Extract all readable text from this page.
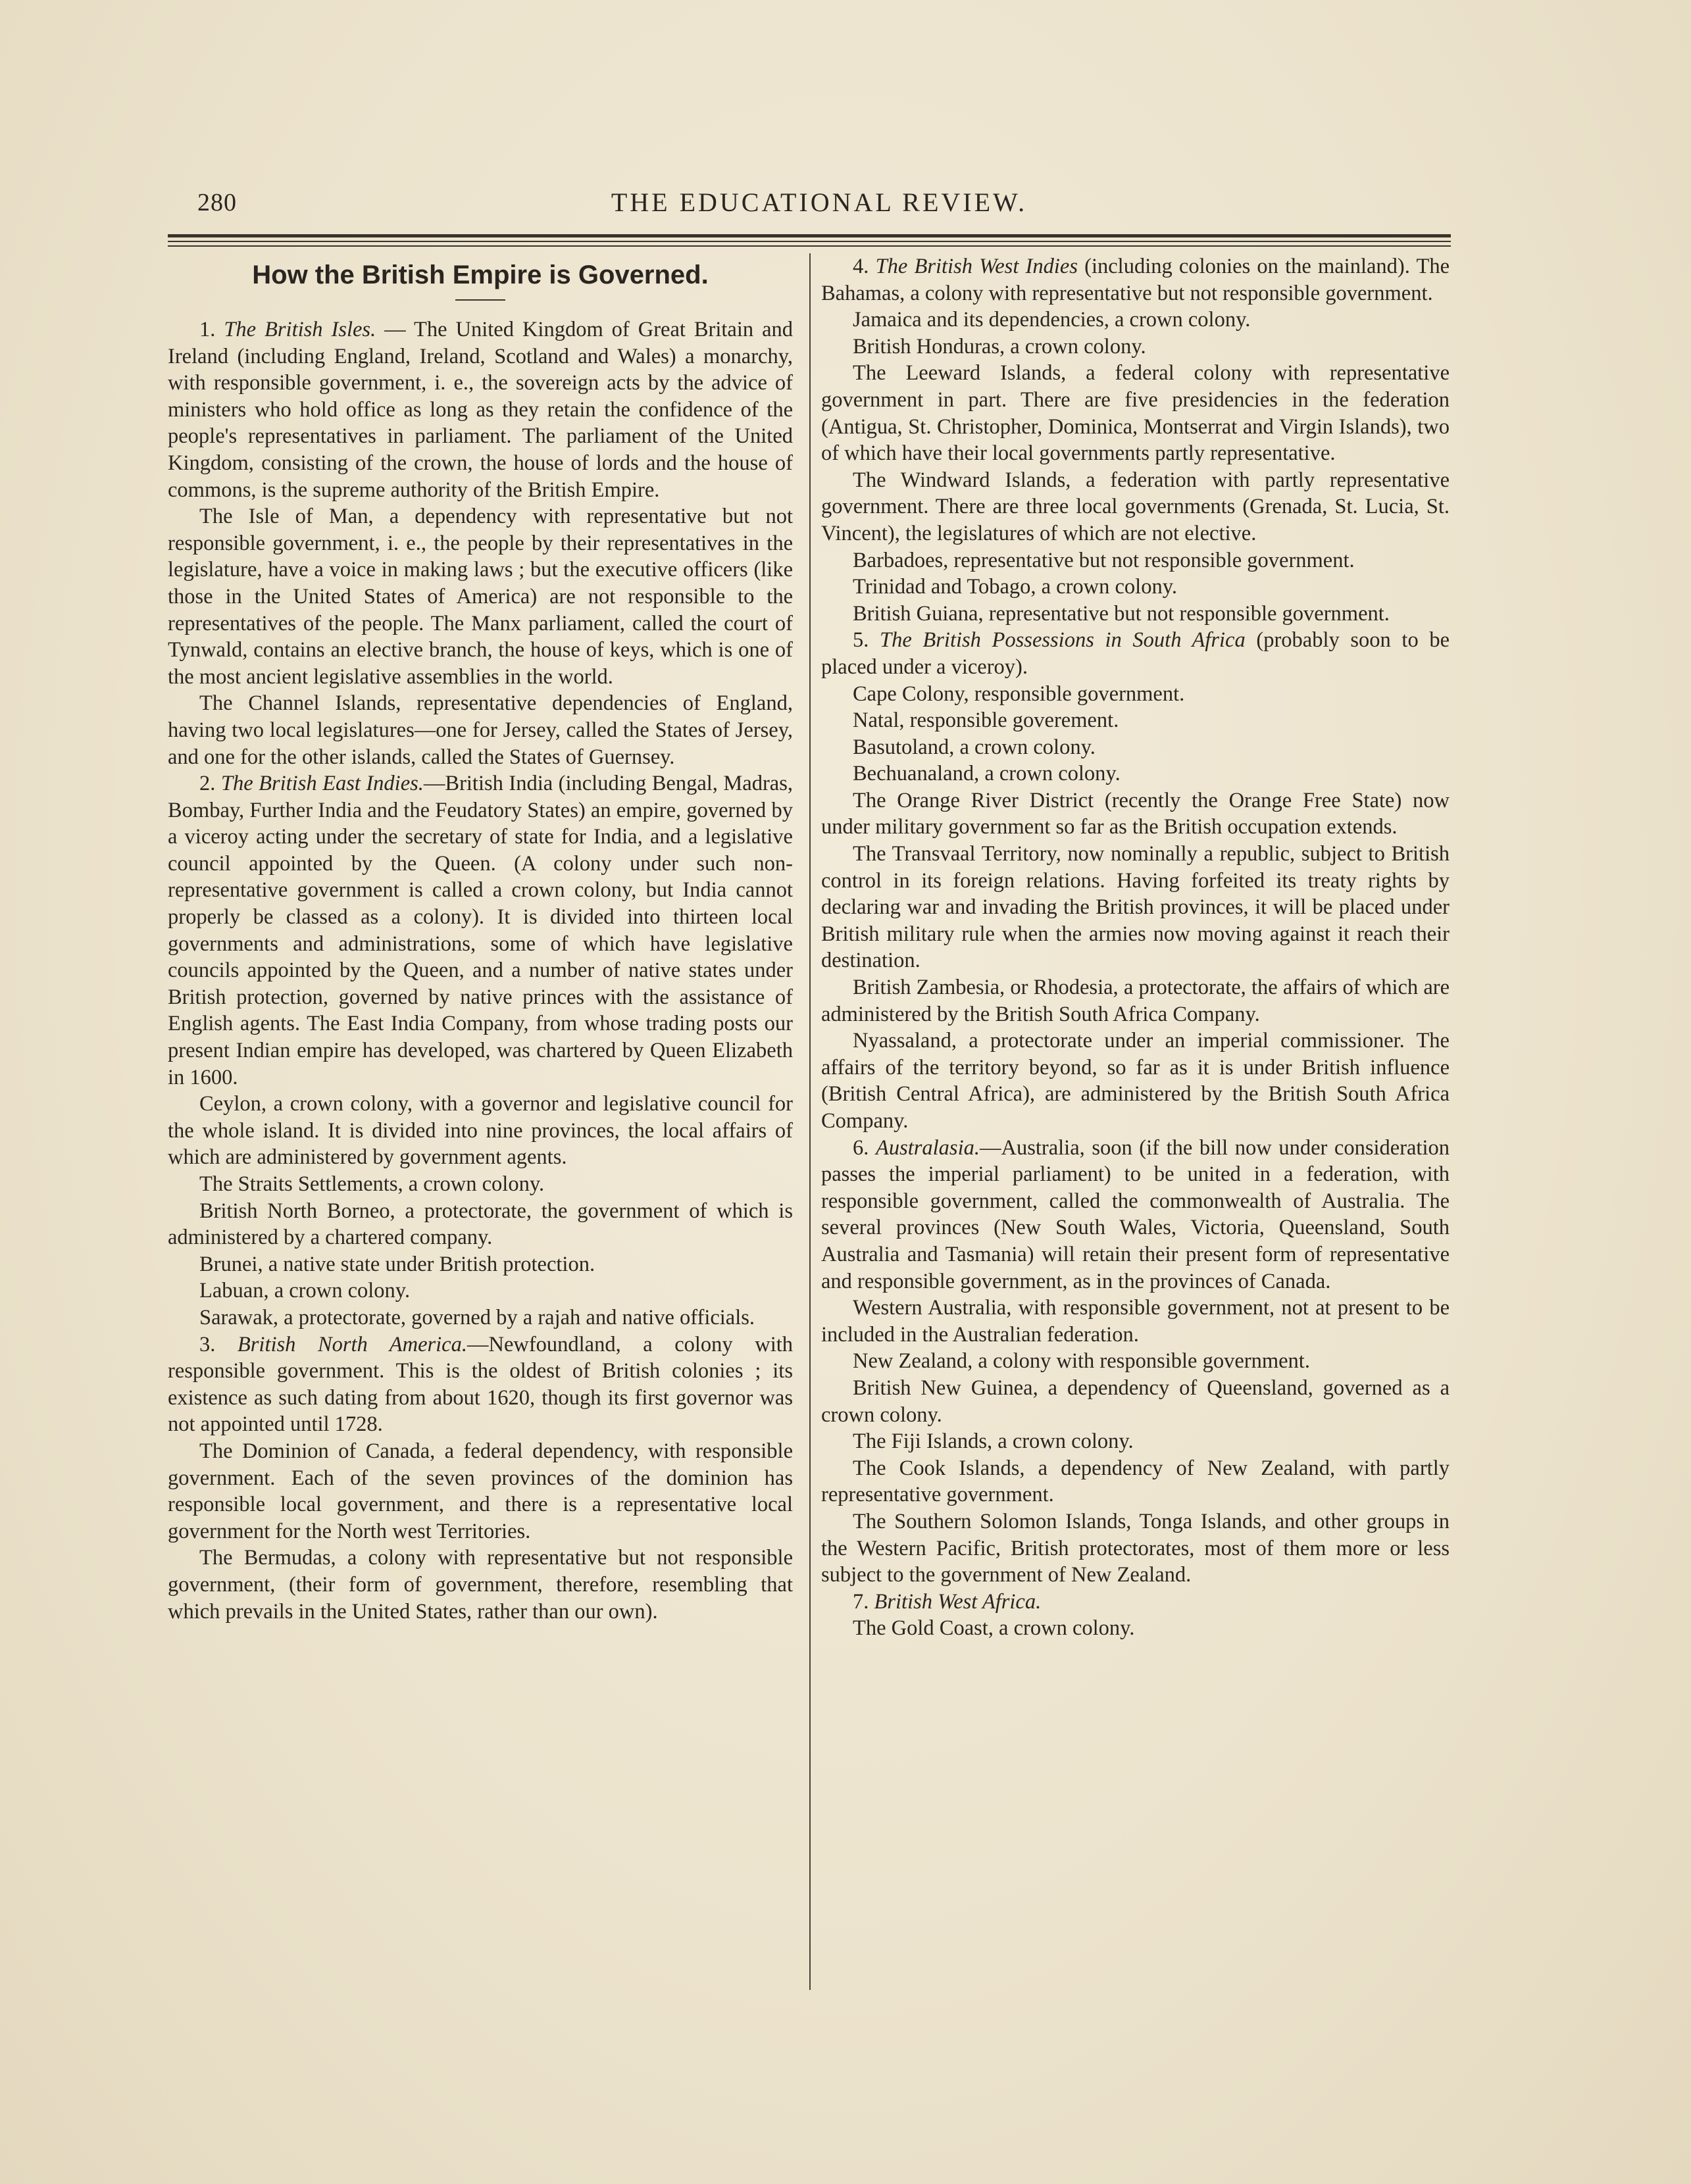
280	THE EDUCATIONAL REVIEW.
How the British Empire is Governed.

1. The British Isles. — The United Kingdom of Great Britain and Ireland (including England, Ireland, Scotland and Wales) a monarchy, with responsible government, i. e., the sovereign acts by the advice of ministers who hold office as long as they retain the confidence of the people's representatives in parliament. The parliament of the United Kingdom, consisting of the crown, the house of lords and the house of commons, is the supreme authority of the British Empire.

The Isle of Man, a dependency with representative but not responsible government, i. e., the people by their representatives in the legislature, have a voice in making laws ; but the executive officers (like those in the United States of America) are not responsible to the representatives of the people. The Manx parliament, called the court of Tynwald, contains an elective branch, the house of keys, which is one of the most ancient legislative assemblies in the world.

The Channel Islands, representative dependencies of England, having two local legislatures—one for Jersey, called the States of Jersey, and one for the other islands, called the States of Guernsey.

2. The British East Indies.—British India (including Bengal, Madras, Bombay, Further India and the Feudatory States) an empire, governed by a viceroy acting under the secretary of state for India, and a legislative council appointed by the Queen. (A colony under such non-representative government is called a crown colony, but India cannot properly be classed as a colony). It is divided into thirteen local governments and administrations, some of which have legislative councils appointed by the Queen, and a number of native states under British protection, governed by native princes with the assistance of English agents. The East India Company, from whose trading posts our present Indian empire has developed, was chartered by Queen Elizabeth in 1600.

Ceylon, a crown colony, with a governor and legislative council for the whole island. It is divided into nine provinces, the local affairs of which are administered by government agents.

The Straits Settlements, a crown colony.

British North Borneo, a protectorate, the government of which is administered by a chartered company.

Brunei, a native state under British protection.

Labuan, a crown colony.

Sarawak, a protectorate, governed by a rajah and native officials.

3. British North America.—Newfoundland, a colony with responsible government. This is the oldest of British colonies ; its existence as such dating from about 1620, though its first governor was not appointed until 1728.

The Dominion of Canada, a federal dependency, with responsible government. Each of the seven provinces of the dominion has responsible local government, and there is a representative local government for the North west Territories.

The Bermudas, a colony with representative but not responsible government, (their form of government, therefore, resembling that which prevails in the United States, rather than our own).

4. The British West Indies (including colonies on the mainland). The Bahamas, a colony with representative but not responsible government.

Jamaica and its dependencies, a crown colony.

British Honduras, a crown colony.

The Leeward Islands, a federal colony with representative government in part. There are five presidencies in the federation (Antigua, St. Christopher, Dominica, Montserrat and Virgin Islands), two of which have their local governments partly representative.

The Windward Islands, a federation with partly representative government. There are three local governments (Grenada, St. Lucia, St. Vincent), the legislatures of which are not elective.

Barbadoes, representative but not responsible government.

Trinidad and Tobago, a crown colony.

British Guiana, representative but not responsible government.

5. The British Possessions in South Africa (probably soon to be placed under a viceroy).

Cape Colony, responsible government.

Natal, responsible goverement.

Basutoland, a crown colony.

Bechuanaland, a crown colony.

The Orange River District (recently the Orange Free State) now under military government so far as the British occupation extends.

The Transvaal Territory, now nominally a republic, subject to British control in its foreign relations. Having forfeited its treaty rights by declaring war and invading the British provinces, it will be placed under British military rule when the armies now moving against it reach their destination.

British Zambesia, or Rhodesia, a protectorate, the affairs of which are administered by the British South Africa Company.

Nyassaland, a protectorate under an imperial commissioner. The affairs of the territory beyond, so far as it is under British influence (British Central Africa), are administered by the British South Africa Company.

6. Australasia.—Australia, soon (if the bill now under consideration passes the imperial parliament) to be united in a federation, with responsible government, called the commonwealth of Australia. The several provinces (New South Wales, Victoria, Queensland, South Australia and Tasmania) will retain their present form of representative and responsible government, as in the provinces of Canada.

Western Australia, with responsible government, not at present to be included in the Australian federation.

New Zealand, a colony with responsible government.

British New Guinea, a dependency of Queensland, governed as a crown colony.

The Fiji Islands, a crown colony.

The Cook Islands, a dependency of New Zealand, with partly representative government.

The Southern Solomon Islands, Tonga Islands, and other groups in the Western Pacific, British protectorates, most of them more or less subject to the government of New Zealand.

7. British West Africa.

The Gold Coast, a crown colony.
